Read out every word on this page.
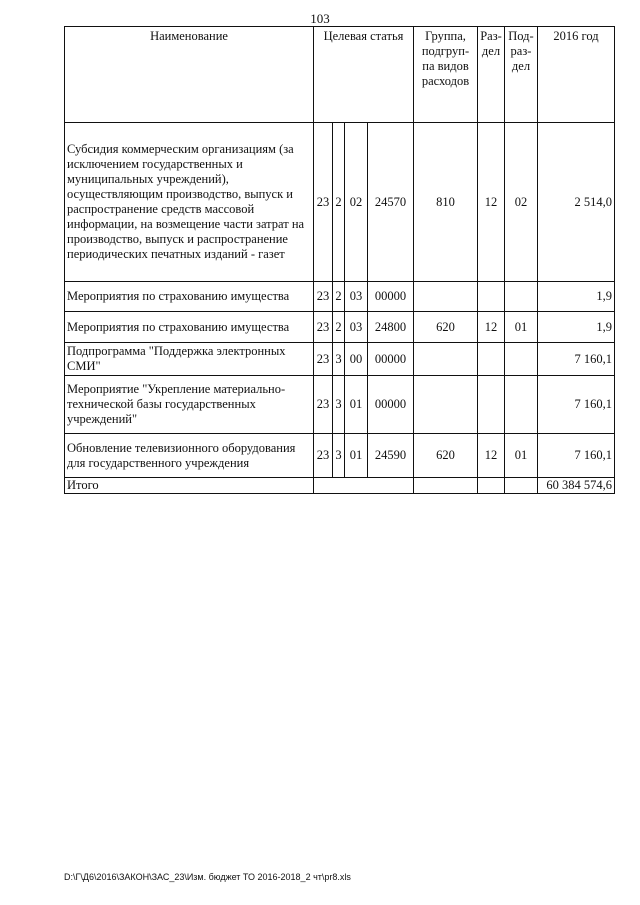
103
Наименование	Целевая статья				Группа, подгруп-па видов расходов	Раз-дел	Под-раз-дел	2016 год
Субсидия коммерческим организациям (за исключением государственных и муниципальных учреждений), осуществляющим производство, выпуск и распространение средств массовой информации, на возмещение части затрат на производство, выпуск и распространение периодических печатных изданий - газет	23	2	02	24570	810	12	02	2 514,0
Мероприятия по страхованию имущества	23	2	03	00000				1,9
Мероприятия по страхованию имущества	23	2	03	24800	620	12	01	1,9
Подпрограмма "Поддержка электронных СМИ"	23	3	00	00000				7 160,1
Мероприятие "Укрепление материально-технической базы государственных учреждений"	23	3	01	00000				7 160,1
Обновление телевизионного оборудования для государственного учреждения	23	3	01	24590	620	12	01	7 160,1
Итого								60 384 574,6
D:\Г\Д6\2016\ЗАКОН\ЗАС_23\Изм. бюджет ТО 2016-2018_2 чт\pr8.xls
